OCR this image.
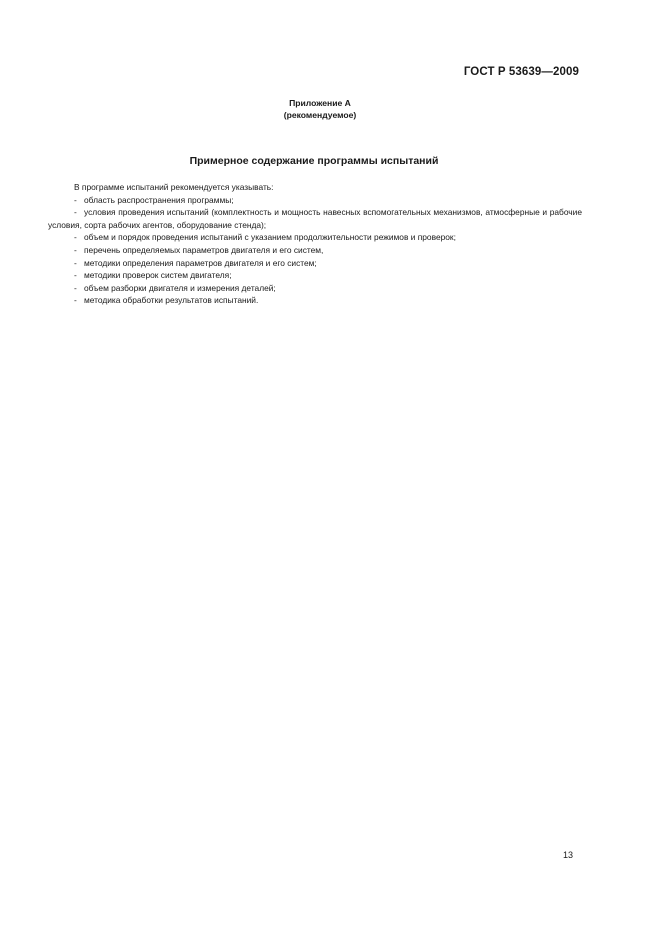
ГОСТ Р 53639—2009
Приложение А
(рекомендуемое)
Примерное содержание программы испытаний

В программе испытаний рекомендуется указывать:

- область распространения программы;

- условия проведения испытаний (комплектность и мощность навесных вспомогательных механизмов, атмосферные и рабочие условия, сорта рабочих агентов, оборудование стенда);

- объем и порядок проведения испытаний с указанием продолжительности режимов и проверок;

- перечень определяемых параметров двигателя и его систем,

- методики определения параметров двигателя и его систем;

- методики проверок систем двигателя;

- объем разборки двигателя и измерения деталей;

- методика обработки результатов испытаний.

13
